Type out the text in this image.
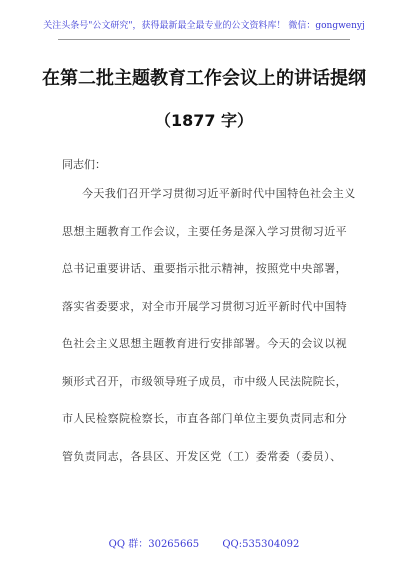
关注头条号"公文研究"，获得最新最全最专业的公文资料库！ 微信：gongwenyj
在第二批主题教育工作会议上的讲话提纲
（1877 字）
同志们：
今天我们召开学习贯彻习近平新时代中国特色社会主义
思想主题教育工作会议，主要任务是深入学习贯彻习近平
总书记重要讲话、重要指示批示精神，按照党中央部署，
落实省委要求，对全市开展学习贯彻习近平新时代中国特
色社会主义思想主题教育进行安排部署。今天的会议以视
频形式召开，市级领导班子成员，市中级人民法院院长，
市人民检察院检察长，市直各部门单位主要负责同志和分
管负责同志，各县区、开发区党（工）委常委（委员）、
QQ 群：30265665 QQ:535304092
